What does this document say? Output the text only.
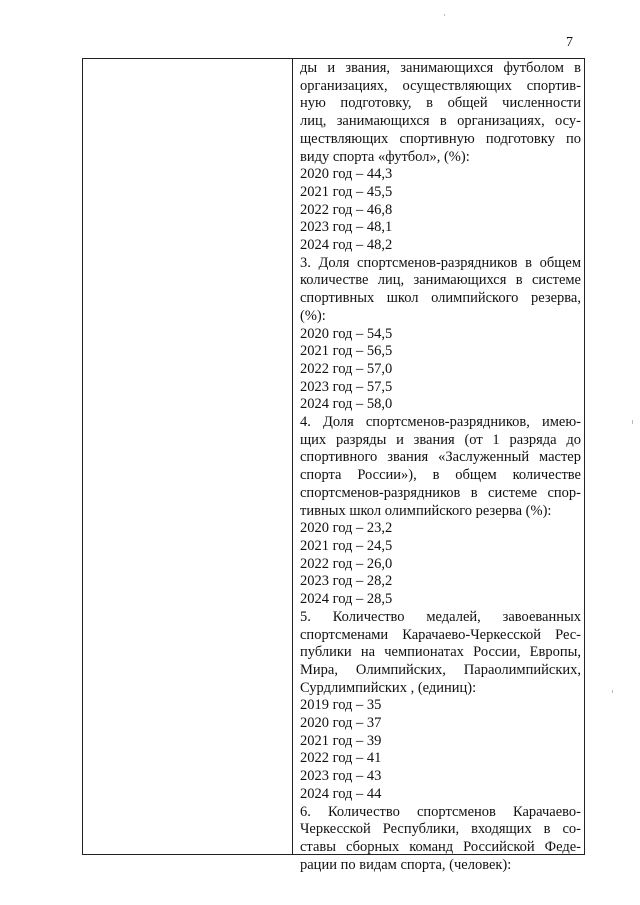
7
ды и звания, занимающихся футболом в
организациях, осуществляющих спортив-
ную подготовку, в общей численности
лиц, занимающихся в организациях, осу-
ществляющих спортивную подготовку по
виду спорта «футбол», (%):
2020 год – 44,3
2021 год – 45,5
2022 год – 46,8
2023 год – 48,1
2024 год – 48,2
3. Доля спортсменов-разрядников в общем
количестве лиц, занимающихся в системе
спортивных школ олимпийского резерва,
(%):
2020 год – 54,5
2021 год – 56,5
2022 год – 57,0
2023 год – 57,5
2024 год – 58,0
4. Доля спортсменов-разрядников, имею-
щих разряды и звания (от 1 разряда до
спортивного звания «Заслуженный мастер
спорта России»), в общем количестве
спортсменов-разрядников в системе спор-
тивных школ олимпийского резерва (%):
2020 год – 23,2
2021 год – 24,5
2022 год – 26,0
2023 год – 28,2
2024 год – 28,5
5. Количество медалей, завоеванных
спортсменами Карачаево-Черкесской Рес-
публики на чемпионатах России, Европы,
Мира, Олимпийских, Параолимпийских,
Сурдлимпийских , (единиц):
2019 год – 35
2020 год – 37
2021 год – 39
2022 год – 41
2023 год – 43
2024 год – 44
6. Количество спортсменов Карачаево-
Черкесской Республики, входящих в со-
ставы сборных команд Российской Феде-
рации по видам спорта, (человек):
